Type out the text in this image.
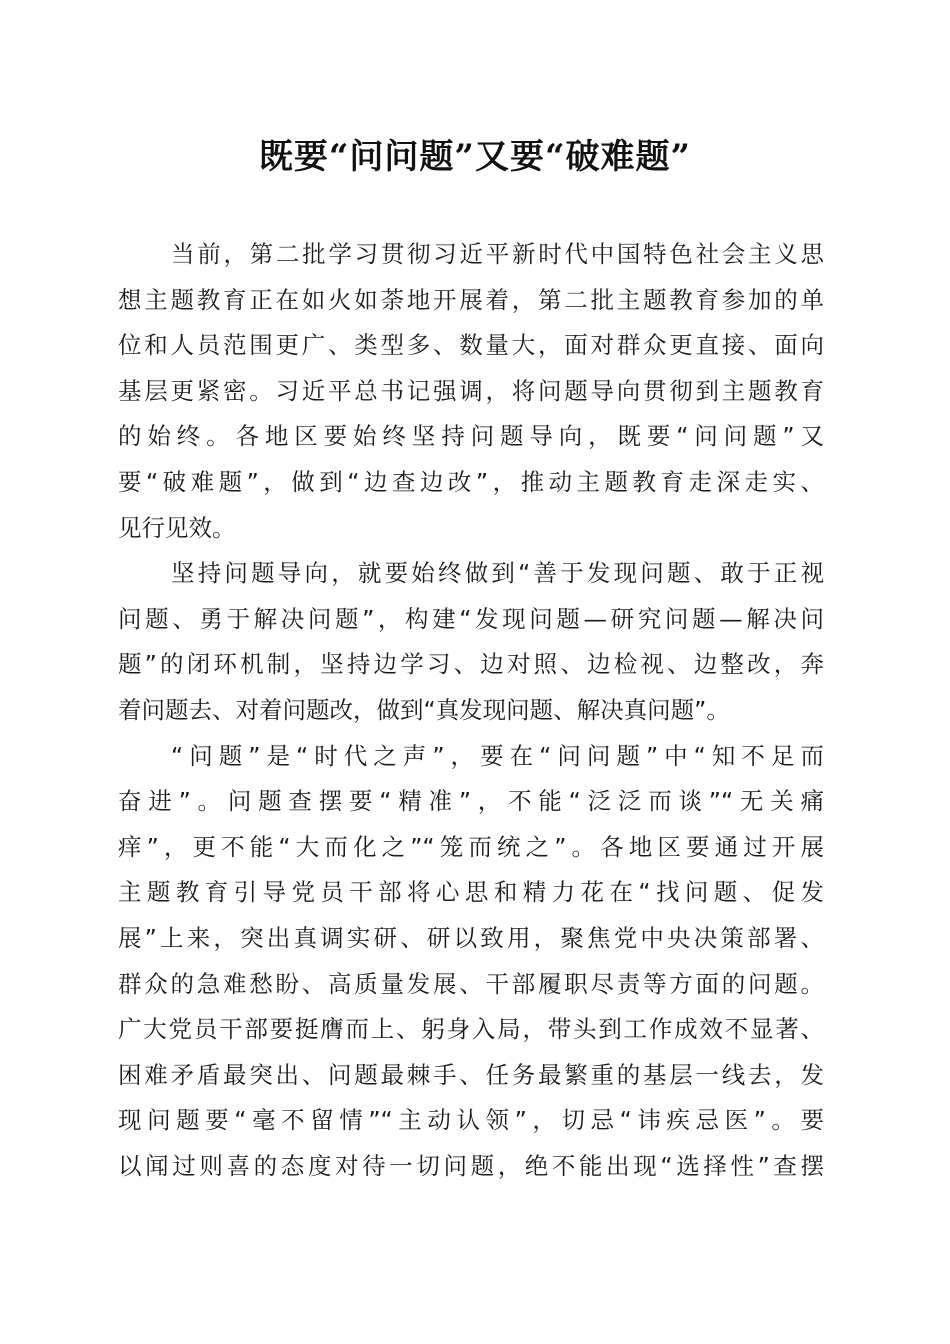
既要“问问题”又要“破难题”
当前，第二批学习贯彻习近平新时代中国特色社会主义思
想主题教育正在如火如荼地开展着，第二批主题教育参加的单
位和人员范围更广、类型多、数量大，面对群众更直接、面向
基层更紧密。习近平总书记强调，将问题导向贯彻到主题教育
的始终。各地区要始终坚持问题导向，既要“问问题”又
要“破难题”，做到“边查边改”，推动主题教育走深走实、
见行见效。
坚持问题导向，就要始终做到“善于发现问题、敢于正视
问题、勇于解决问题”，构建“发现问题—研究问题—解决问
题”的闭环机制，坚持边学习、边对照、边检视、边整改，奔
着问题去、对着问题改，做到“真发现问题、解决真问题”。
“问题”是“时代之声”，要在“问问题”中“知不足而
奋进”。问题查摆要“精准”，不能“泛泛而谈”“无关痛
痒”，更不能“大而化之”“笼而统之”。各地区要通过开展
主题教育引导党员干部将心思和精力花在“找问题、促发
展”上来，突出真调实研、研以致用，聚焦党中央决策部署、
群众的急难愁盼、高质量发展、干部履职尽责等方面的问题。
广大党员干部要挺膺而上、躬身入局，带头到工作成效不显著、
困难矛盾最突出、问题最棘手、任务最繁重的基层一线去，发
现问题要“毫不留情”“主动认领”，切忌“讳疾忌医”。要
以闻过则喜的态度对待一切问题，绝不能出现“选择性”查摆
